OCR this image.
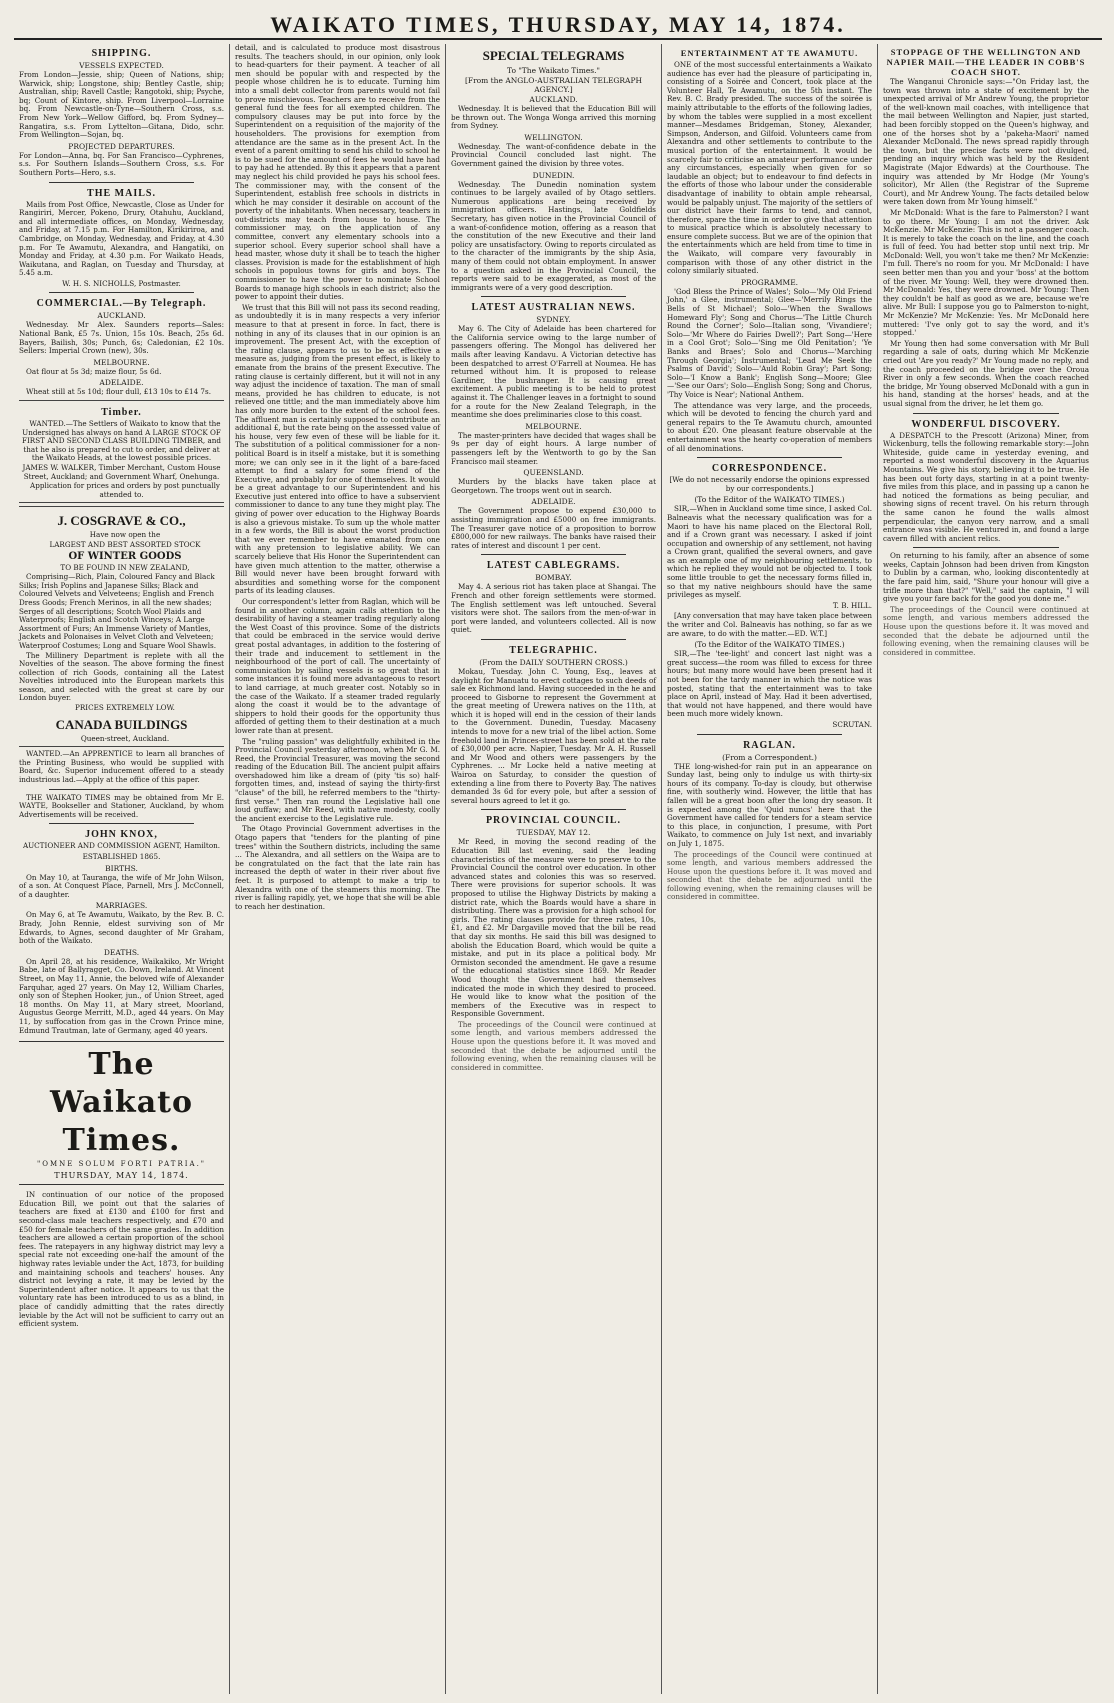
WAIKATO TIMES, THURSDAY, MAY 14, 1874.
SHIPPING.
VESSELS EXPECTED.

From London—Jessie, ship; Queen of Nations, ship; Warwick, ship; Longstone, ship; Bentley Castle, ship; Australian, ship; Ravell Castle; Rangotoki, ship; Psyche, bq; Count of Kintore, ship. From Liverpool—Lorraine bq. From Newcastle-on-Tyne—Southern Cross, s.s. From New York—Wellow Gifford, bq. From Sydney—Rangatira, s.s. From Lyttelton—Gitana, Dido, schr. From Wellington—Sojan, bq.

PROJECTED DEPARTURES.

For London—Anna, bq. For San Francisco—Cyphrenes, s.s. For Southern Islands—Southern Cross, s.s. For Southern Ports—Hero, s.s.

THE MAILS.

Mails from Post Office, Newcastle, Close as Under for Rangiriri, Mercer, Pokeno, Drury, Otahuhu, Auckland, and all intermediate offices, on Monday, Wednesday, and Friday, at 7.15 p.m. For Hamilton, Kirikiriroa, and Cambridge, on Monday, Wednesday, and Friday, at 4.30 p.m. For Te Awamutu, Alexandra, and Hangatiki, on Monday and Friday, at 4.30 p.m. For Waikato Heads, Waikutana, and Raglan, on Tuesday and Thursday, at 5.45 a.m.

W. H. S. NICHOLLS, Postmaster.

COMMERCIAL.—By Telegraph.
AUCKLAND.

Wednesday. Mr Alex. Saunders reports—Sales: National Bank, £5 7s. Union, 15s 10s. Beach, 25s 6d. Bayers, Bailish, 30s; Punch, 6s; Caledonian, £2 10s. Sellers: Imperial Crown (new), 30s.

MELBOURNE.

Oat flour at 5s 3d; maize flour, 5s 6d.

ADELAIDE.

Wheat still at 5s 10d; flour dull, £13 10s to £14 7s.

Timber.

WANTED.—The Settlers of Waikato to know that the Undersigned has always on hand A LARGE STOCK OF FIRST AND SECOND CLASS BUILDING TIMBER, and that he also is prepared to cut to order, and deliver at the Waikato Heads, at the lowest possible prices.

JAMES W. WALKER, Timber Merchant, Custom House Street, Auckland; and Government Wharf, Onehunga.

Application for prices and orders by post punctually attended to.

J. COSGRAVE & CO.,

Have now open the

LARGEST AND BEST ASSORTED STOCK

OF WINTER GOODS

TO BE FOUND IN NEW ZEALAND,

Comprising—Rich, Plain, Coloured Fancy and Black Silks; Irish Poplins and Japanese Silks; Black and Coloured Velvets and Velveteens; English and French Dress Goods; French Merinos, in all the new shades; Serges of all descriptions; Scotch Wool Plaids and Waterproofs; English and Scotch Winceys; A Large Assortment of Furs; An Immense Variety of Mantles, Jackets and Polonaises in Velvet Cloth and Velveteen; Waterproof Costumes; Long and Square Wool Shawls.

The Millinery Department is replete with all the Novelties of the season. The above forming the finest collection of rich Goods, containing all the Latest Novelties introduced into the European markets this season, and selected with the great st care by our London buyer.

PRICES EXTREMELY LOW.

CANADA BUILDINGS

Queen-street, Auckland.

WANTED.—An APPRENTICE to learn all branches of the Printing Business, who would be supplied with Board, &c. Superior inducement offered to a steady industrious lad.—Apply at the office of this paper.

THE WAIKATO TIMES may be obtained from Mr E. WAYTE, Bookseller and Stationer, Auckland, by whom Advertisements will be received.

JOHN KNOX,

AUCTIONEER AND COMMISSION AGENT, Hamilton.

ESTABLISHED 1865.

BIRTHS.

On May 10, at Tauranga, the wife of Mr John Wilson, of a son. At Conquest Place, Parnell, Mrs J. McConnell, of a daughter.

MARRIAGES.

On May 6, at Te Awamutu, Waikato, by the Rev. B. C. Brady, John Rennie, eldest surviving son of Mr Edwards, to Agnes, second daughter of Mr Graham, both of the Waikato.

DEATHS.

On April 28, at his residence, Waikakiko, Mr Wright Babe, late of Ballyragget, Co. Down, Ireland. At Vincent Street, on May 11, Annie, the beloved wife of Alexander Farquhar, aged 27 years. On May 12, William Charles, only son of Stephen Hooker, jun., of Union Street, aged 18 months. On May 11, at Mary street, Moorland, Augustus George Merritt, M.D., aged 44 years. On May 11, by suffocation from gas in the Crown Prince mine, Edmund Trautman, late of Germany, aged 40 years.

The Waikato Times.
"OMNE SOLUM FORTI PATRIA."
THURSDAY, MAY 14, 1874.

IN continuation of our notice of the proposed Education Bill, we point out that the salaries of teachers are fixed at £130 and £100 for first and second-class male teachers respectively, and £70 and £50 for female teachers of the same grades. In addition teachers are allowed a certain proportion of the school fees. The ratepayers in any highway district may levy a special rate not exceeding one-half the amount of the highway rates leviable under the Act, 1873, for building and maintaining schools and teachers' houses. Any district not levying a rate, it may be levied by the Superintendent after notice. It appears to us that the voluntary rate has been introduced to us as a blind, in place of candidly admitting that the rates directly leviable by the Act will not be sufficient to carry out an efficient system.

detail, and is calculated to produce most disastrous results. The teachers should, in our opinion, only look to head-quarters for their payment. A teacher of all men should be popular with and respected by the people whose children he is to educate. Turning him into a small debt collector from parents would not fail to prove mischievous. Teachers are to receive from the general fund the fees for all exempted children. The compulsory clauses may be put into force by the Superintendent on a requisition of the majority of the householders. The provisions for exemption from attendance are the same as in the present Act. In the event of a parent omitting to send his child to school he is to be sued for the amount of fees he would have had to pay had he attended. By this it appears that a parent may neglect his child provided he pays his school fees. The commissioner may, with the consent of the Superintendent, establish free schools in districts in which he may consider it desirable on account of the poverty of the inhabitants. When necessary, teachers in out-districts may teach from house to house. The commissioner may, on the application of any committee, convert any elementary schools into a superior school. Every superior school shall have a head master, whose duty it shall be to teach the higher classes. Provision is made for the establishment of high schools in populous towns for girls and boys. The commissioner to have the power to nominate School Boards to manage high schools in each district; also the power to appoint their duties.

We trust that this Bill will not pass its second reading, as undoubtedly it is in many respects a very inferior measure to that at present in force. In fact, there is nothing in any of its clauses that in our opinion is an improvement. The present Act, with the exception of the rating clause, appears to us to be as effective a measure as, judging from the present effect, is likely to emanate from the brains of the present Executive. The rating clause is certainly different, but it will not in any way adjust the incidence of taxation. The man of small means, provided he has children to educate, is not relieved one tittle; and the man immediately above him has only more burden to the extent of the school fees. The affluent man is certainly supposed to contribute an additional £, but the rate being on the assessed value of his house, very few even of these will be liable for it. The substitution of a political commissioner for a non-political Board is in itself a mistake, but it is something more; we can only see in it the light of a bare-faced attempt to find a salary for some friend of the Executive, and probably for one of themselves. It would be a great advantage to our Superintendent and his Executive just entered into office to have a subservient commissioner to dance to any tune they might play. The giving of power over education to the Highway Boards is also a grievous mistake. To sum up the whole matter in a few words, the Bill is about the worst production that we ever remember to have emanated from one with any pretension to legislative ability. We can scarcely believe that His Honor the Superintendent can have given much attention to the matter, otherwise a Bill would never have been brought forward with absurdities and something worse for the component parts of its leading clauses.

Our correspondent's letter from Raglan, which will be found in another column, again calls attention to the desirability of having a steamer trading regularly along the West Coast of this province. Some of the districts that could be embraced in the service would derive great postal advantages, in addition to the fostering of their trade and inducement to settlement in the neighbourhood of the port of call. The uncertainty of communication by sailing vessels is so great that in some instances it is found more advantageous to resort to land carriage, at much greater cost. Notably so in the case of the Waikato. If a steamer traded regularly along the coast it would be to the advantage of shippers to hold their goods for the opportunity thus afforded of getting them to their destination at a much lower rate than at present.

The "ruling passion" was delightfully exhibited in the Provincial Council yesterday afternoon, when Mr G. M. Reed, the Provincial Treasurer, was moving the second reading of the Education Bill. The ancient pulpit affairs overshadowed him like a dream of (pity 'tis so) half-forgotten times, and, instead of saying the thirty-first "clause" of the bill, he referred members to the "thirty-first verse." Then ran round the Legislative hall one loud guffaw; and Mr Reed, with native modesty, coolly the ancient exercise to the Legislative rule.

The Otago Provincial Government advertises in the Otago papers that "tenders for the planting of pine trees" within the Southern districts, including the same ... The Alexandra, and all settlers on the Waipa are to be congratulated on the fact that the late rain has increased the depth of water in their river about five feet. It is purposed to attempt to make a trip to Alexandra with one of the steamers this morning. The river is falling rapidly, yet, we hope that she will be able to reach her destination.

SPECIAL TELEGRAMS
To "The Waikato Times."
[From the ANGLO-AUSTRALIAN TELEGRAPH AGENCY.]
AUCKLAND.

Wednesday. It is believed that the Education Bill will be thrown out. The Wonga Wonga arrived this morning from Sydney.

WELLINGTON.

Wednesday. The want-of-confidence debate in the Provincial Council concluded last night. The Government gained the division by three votes.

DUNEDIN.

Wednesday. The Dunedin nomination system continues to be largely availed of by Otago settlers. Numerous applications are being received by immigration officers. Hastings, late Goldfields Secretary, has given notice in the Provincial Council of a want-of-confidence motion, offering as a reason that the constitution of the new Executive and their land policy are unsatisfactory. Owing to reports circulated as to the character of the immigrants by the ship Asia, many of them could not obtain employment. In answer to a question asked in the Provincial Council, the reports were said to be exaggerated, as most of the immigrants were of a very good description.

LATEST AUSTRALIAN NEWS.
SYDNEY.

May 6. The City of Adelaide has been chartered for the California service owing to the large number of passengers offering. The Mongol has delivered her mails after leaving Kandavu. A Victorian detective has been despatched to arrest O'Farrell at Noumea. He has returned without him. It is proposed to release Gardiner, the bushranger. It is causing great excitement. A public meeting is to be held to protest against it. The Challenger leaves in a fortnight to sound for a route for the New Zealand Telegraph, in the meantime she does preliminaries close to this coast.

MELBOURNE.

The master-printers have decided that wages shall be 9s per day of eight hours. A large number of passengers left by the Wentworth to go by the San Francisco mail steamer.

QUEENSLAND.

Murders by the blacks have taken place at Georgetown. The troops went out in search.

ADELAIDE.

The Government propose to expend £30,000 to assisting immigration and £5000 on free immigrants. The Treasurer gave notice of a proposition to borrow £800,000 for new railways. The banks have raised their rates of interest and discount 1 per cent.

LATEST CABLEGRAMS.
BOMBAY.

May 4. A serious riot has taken place at Shangai. The French and other foreign settlements were stormed. The English settlement was left untouched. Several visitors were shot. The sailors from the men-of-war in port were landed, and volunteers collected. All is now quiet.

TELEGRAPHIC.
(From the DAILY SOUTHERN CROSS.)

Mokau, Tuesday. John C. Young, Esq., leaves at daylight for Manuatu to erect cottages to such deeds of sale ex Richmond land. Having succeeded in the he and proceed to Gisborne to represent the Government at the great meeting of Urewera natives on the 11th, at which it is hoped will end in the cession of their lands to the Government. Dunedin, Tuesday. Macaseny intends to move for a new trial of the libel action. Some freehold land in Princes-street has been sold at the rate of £30,000 per acre. Napier, Tuesday. Mr A. H. Russell and Mr Wood and others were passengers by the Cyphrenes. ... Mr Locke held a native meeting at Wairoa on Saturday, to consider the question of extending a line from there to Poverty Bay. The natives demanded 3s 6d for every pole, but after a session of several hours agreed to let it go.

PROVINCIAL COUNCIL.
TUESDAY, MAY 12.

Mr Reed, in moving the second reading of the Education Bill last evening, said the leading characteristics of the measure were to preserve to the Provincial Council the control over education. In other advanced states and colonies this was so reserved. There were provisions for superior schools. It was proposed to utilise the Highway Districts by making a district rate, which the Boards would have a share in distributing. There was a provision for a high school for girls. The rating clauses provide for three rates, 10s, £1, and £2. Mr Dargaville moved that the bill be read that day six months. He said this bill was designed to abolish the Education Board, which would be quite a mistake, and put in its place a political body. Mr Ormiston seconded the amendment. He gave a resume of the educational statistics since 1869. Mr Reader Wood thought the Government had themselves indicated the mode in which they desired to proceed. He would like to know what the position of the members of the Executive was in respect to Responsible Government.

The proceedings of the Council were continued at some length, and various members addressed the House upon the questions before it. It was moved and seconded that the debate be adjourned until the following evening, when the remaining clauses will be considered in committee.

ENTERTAINMENT AT TE AWAMUTU.

ONE of the most successful entertainments a Waikato audience has ever had the pleasure of participating in, consisting of a Soirée and Concert, took place at the Volunteer Hall, Te Awamutu, on the 5th instant. The Rev. B. C. Brady presided. The success of the soirée is mainly attributable to the efforts of the following ladies, by whom the tables were supplied in a most excellent manner—Mesdames Bridgeman, Stoney, Alexander, Simpson, Anderson, and Gilfoid. Volunteers came from Alexandra and other settlements to contribute to the musical portion of the entertainment. It would be scarcely fair to criticise an amateur performance under any circumstances, especially when given for so laudable an object; but to endeavour to find defects in the efforts of those who labour under the considerable disadvantage of inability to obtain ample rehearsal, would be palpably unjust. The majority of the settlers of our district have their farms to tend, and cannot, therefore, spare the time in order to give that attention to musical practice which is absolutely necessary to ensure complete success. But we are of the opinion that the entertainments which are held from time to time in the Waikato, will compare very favourably in comparison with those of any other district in the colony similarly situated.

PROGRAMME.

'God Bless the Prince of Wales'; Solo—'My Old Friend John,' a Glee, instrumental; Glee—'Merrily Rings the Bells of St Michael'; Solo—'When the Swallows Homeward Fly'; Song and Chorus—'The Little Church Round the Corner'; Solo—Italian song, 'Vivandiere'; Solo—'Mr Where do Fairies Dwell?'; Part Song—'Here in a Cool Grot'; Solo—'Sing me Old Penitation'; 'Ye Banks and Braes'; Solo and Chorus—'Marching Through Georgia'; Instrumental; 'Lead Me Seek the Psalms of David'; Solo—'Auld Robin Gray'; Part Song; Solo—'I Know a Bank'; English Song—Moore; Glee—'See our Oars'; Solo—English Song; Song and Chorus, 'Thy Voice is Near'; National Anthem.

The attendance was very large, and the proceeds, which will be devoted to fencing the church yard and general repairs to the Te Awamutu church, amounted to about £20. One pleasant feature observable at the entertainment was the hearty co-operation of members of all denominations.

CORRESPONDENCE.

[We do not necessarily endorse the opinions expressed by our correspondents.]

(To the Editor of the WAIKATO TIMES.)

SIR,—When in Auckland some time since, I asked Col. Balneavis what the necessary qualification was for a Maori to have his name placed on the Electoral Roll, and if a Crown grant was necessary. I asked if joint occupation and ownership of any settlement, not having a Crown grant, qualified the several owners, and gave as an example one of my neighbouring settlements, to which he replied they would not be objected to. I took some little trouble to get the necessary forms filled in, so that my native neighbours should have the same privileges as myself.

T. B. HILL.

[Any conversation that may have taken place between the writer and Col. Balneavis has nothing, so far as we are aware, to do with the matter.—ED. W.T.]

(To the Editor of the WAIKATO TIMES.)

SIR,—The 'tee-light' and concert last night was a great success—the room was filled to excess for three hours; but many more would have been present had it not been for the tardy manner in which the notice was posted, stating that the entertainment was to take place on April, instead of May. Had it been advertised, that would not have happened, and there would have been much more widely known.

SCRUTAN.

RAGLAN.
(From a Correspondent.)

THE long-wished-for rain put in an appearance on Sunday last, being only to indulge us with thirty-six hours of its company. To-day is cloudy, but otherwise fine, with southerly wind. However, the little that has fallen will be a great boon after the long dry season. It is expected among the 'Quid nuncs' here that the Government have called for tenders for a steam service to this place, in conjunction, I presume, with Port Waikato, to commence on July 1st next, and invariably on July 1, 1875.

The proceedings of the Council were continued at some length, and various members addressed the House upon the questions before it. It was moved and seconded that the debate be adjourned until the following evening, when the remaining clauses will be considered in committee.

STOPPAGE OF THE WELLINGTON AND NAPIER MAIL—THE LEADER IN COBB'S COACH SHOT.

The Wanganui Chronicle says:—"On Friday last, the town was thrown into a state of excitement by the unexpected arrival of Mr Andrew Young, the proprietor of the well-known mail coaches, with intelligence that the mail between Wellington and Napier, just started, had been forcibly stopped on the Queen's highway, and one of the horses shot by a 'pakeha-Maori' named Alexander McDonald. The news spread rapidly through the town, but the precise facts were not divulged, pending an inquiry which was held by the Resident Magistrate (Major Edwards) at the Courthouse. The inquiry was attended by Mr Hodge (Mr Young's solicitor), Mr Allen (the Registrar of the Supreme Court), and Mr Andrew Young. The facts detailed below were taken down from Mr Young himself."

Mr McDonald: What is the fare to Palmerston? I want to go there. Mr Young: I am not the driver. Ask McKenzie. Mr McKenzie: This is not a passenger coach. It is merely to take the coach on the line, and the coach is full of feed. You had better stop until next trip. Mr McDonald: Well, you won't take me then? Mr McKenzie: I'm full. There's no room for you. Mr McDonald: I have seen better men than you and your 'boss' at the bottom of the river. Mr Young: Well, they were drowned then. Mr McDonald: Yes, they were drowned. Mr Young: Then they couldn't be half as good as we are, because we're alive. Mr Bull: I suppose you go to Palmerston to-night, Mr McKenzie? Mr McKenzie: Yes. Mr McDonald here muttered: 'I've only got to say the word, and it's stopped.'

Mr Young then had some conversation with Mr Bull regarding a sale of oats, during which Mr McKenzie cried out 'Are you ready?' Mr Young made no reply, and the coach proceeded on the bridge over the Oroua River in only a few seconds. When the coach reached the bridge, Mr Young observed McDonald with a gun in his hand, standing at the horses' heads, and at the usual signal from the driver, he let them go.

WONDERFUL DISCOVERY.

A DESPATCH to the Prescott (Arizona) Miner, from Wickenburg, tells the following remarkable story:—John Whiteside, guide came in yesterday evening, and reported a most wonderful discovery in the Aquarius Mountains. We give his story, believing it to be true. He has been out forty days, starting in at a point twenty-five miles from this place, and in passing up a canon he had noticed the formations as being peculiar, and showing signs of recent travel. On his return through the same canon he found the walls almost perpendicular, the canyon very narrow, and a small entrance was visible. He ventured in, and found a large cavern filled with ancient relics.

On returning to his family, after an absence of some weeks, Captain Johnson had been driven from Kingston to Dublin by a carman, who, looking discontentedly at the fare paid him, said, "Shure your honour will give a trifle more than that?" "Well," said the captain, "I will give you your fare back for the good you done me."

The proceedings of the Council were continued at some length, and various members addressed the House upon the questions before it. It was moved and seconded that the debate be adjourned until the following evening, when the remaining clauses will be considered in committee.
